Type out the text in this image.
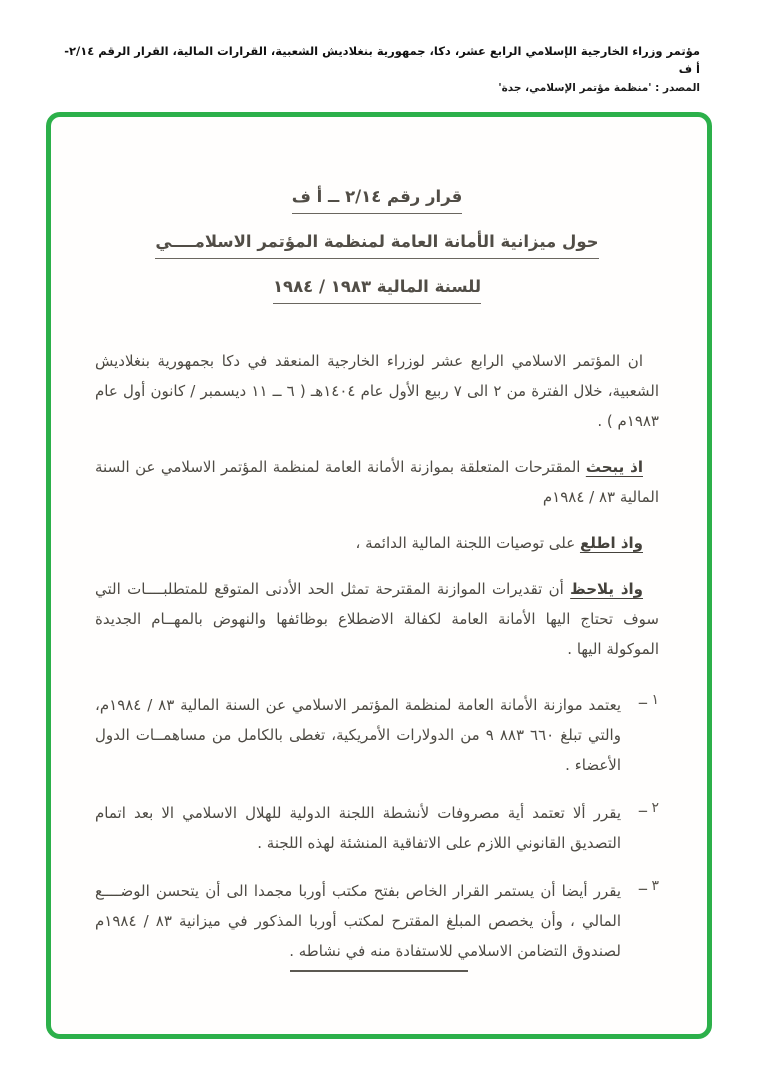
مؤتمر وزراء الخارجية الإسلامي الرابع عشر، دكا، جمهورية بنغلاديش الشعبية، القرارات المالية، القرار الرقم ٢/١٤- أ ف
المصدر : 'منظمة مؤتمر الإسلامي، جدة'
قرار رقم ٢/١٤ ــ أ ف
حول ميزانية الأمانة العامة لمنظمة المؤتمر الاسلامــــي
للسنة المالية ١٩٨٣ / ١٩٨٤

ان المؤتمر الاسلامي الرابع عشر لوزراء الخارجية المنعقد في دكا بجمهورية بنغلاديش الشعبية، خلال الفترة من ٢ الى ٧ ربيع الأول عام ١٤٠٤هـ ( ٦ ــ ١١ ديسمبر / كانون أول عام ١٩٨٣م ) .

اذ يبحث المقترحات المتعلقة بموازنة الأمانة العامة لمنظمة المؤتمر الاسلامي عن السنة المالية ٨٣ / ١٩٨٤م

واذ اطلع على توصيات اللجنة المالية الدائمة ،

واذ يلاحظ أن تقديرات الموازنة المقترحة تمثل الحد الأدنى المتوقع للمتطلبــــات التي سوف تحتاج اليها الأمانة العامة لكفالة الاضطلاع بوظائفها والنهوض بالمهــام الجديدة الموكولة اليها .

١ ــ
يعتمد موازنة الأمانة العامة لمنظمة المؤتمر الاسلامي عن السنة المالية ٨٣ / ١٩٨٤م، والتي تبلغ ٦٦٠ ٨٨٣ ٩ من الدولارات الأمريكية، تغطى بالكامل من مساهمــات الدول الأعضاء .
٢ ــ
يقرر ألا تعتمد أية مصروفات لأنشطة اللجنة الدولية للهلال الاسلامي الا بعد اتمام التصديق القانوني اللازم على الاتفاقية المنشئة لهذه اللجنة .
٣ ــ
يقرر أيضا أن يستمر القرار الخاص بفتح مكتب أوربا مجمدا الى أن يتحسن الوضــــع المالي ، وأن يخصص المبلغ المقترح لمكتب أوربا المذكور في ميزانية ٨٣ / ١٩٨٤م لصندوق التضامن الاسلامي للاستفادة منه في نشاطه .
